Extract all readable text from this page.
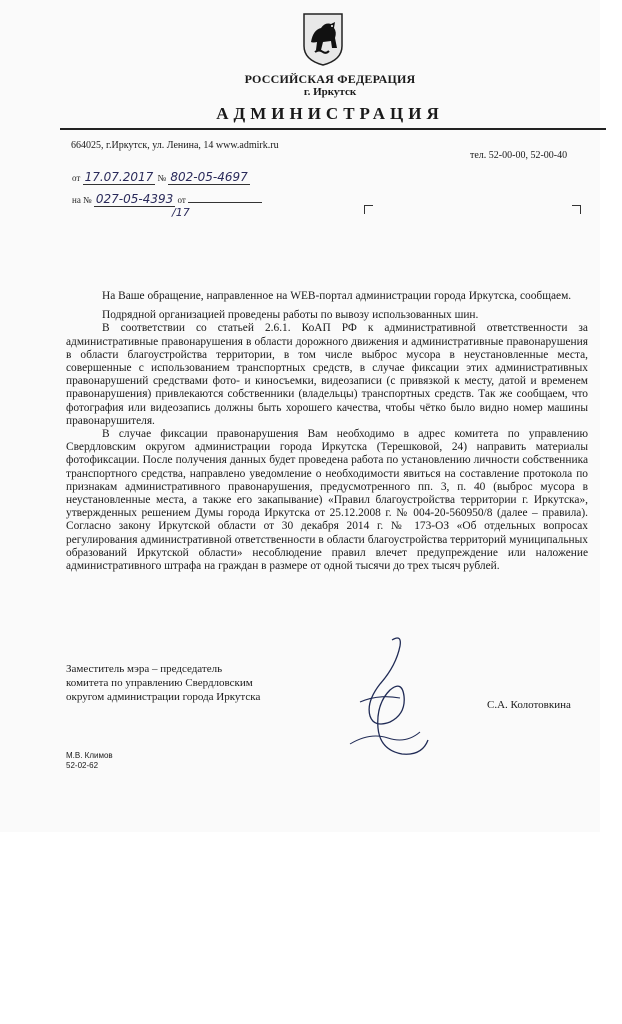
РОССИЙСКАЯ ФЕДЕРАЦИЯ
г. Иркутск
АДМИНИСТРАЦИЯ
664025, г.Иркутск, ул. Ленина, 14 www.admirk.ru
тел. 52-00-00, 52-00-40
от 17.07.2017 № 802-05-4697
на № 027-05-4393 от
/17

На Ваше обращение, направленное на WEB-портал администрации города Иркутска, сообщаем.

Подрядной организацией проведены работы по вывозу использованных шин.

В соответствии со статьей 2.6.1. КоАП РФ к административной ответственности за административные правонарушения в области дорожного движения и административные правонарушения в области благоустройства территории, в том числе выброс мусора в неустановленные места, совершенные с использованием транспортных средств, в случае фиксации этих административных правонарушений средствами фото- и киносъемки, видеозаписи (с привязкой к месту, датой и временем правонарушения) привлекаются собственники (владельцы) транспортных средств. Так же сообщаем, что фотография или видеозапись должны быть хорошего качества, чтобы чётко было видно номер машины правонарушителя.

В случае фиксации правонарушения Вам необходимо в адрес комитета по управлению Свердловским округом администрации города Иркутска (Терешковой, 24) направить материалы фотофиксации. После получения данных будет проведена работа по установлению личности собственника транспортного средства, направлено уведомление о необходимости явиться на составление протокола по признакам административного правонарушения, предусмотренного пп. 3, п. 40 (выброс мусора в неустановленные места, а также его закапывание) «Правил благоустройства территории г. Иркутска», утвержденных решением Думы города Иркутска от 25.12.2008 г. № 004-20-560950/8 (далее – правила). Согласно закону Иркутской области от 30 декабря 2014 г. № 173-ОЗ «Об отдельных вопросах регулирования административной ответственности в области благоустройства территорий муниципальных образований Иркутской области» несоблюдение правил влечет предупреждение или наложение административного штрафа на граждан в размере от одной тысячи до трех тысяч рублей.

Заместитель мэра – председатель
комитета по управлению Свердловским
округом администрации города Иркутска
С.А. Колотовкина
М.В. Климов
52-02-62
